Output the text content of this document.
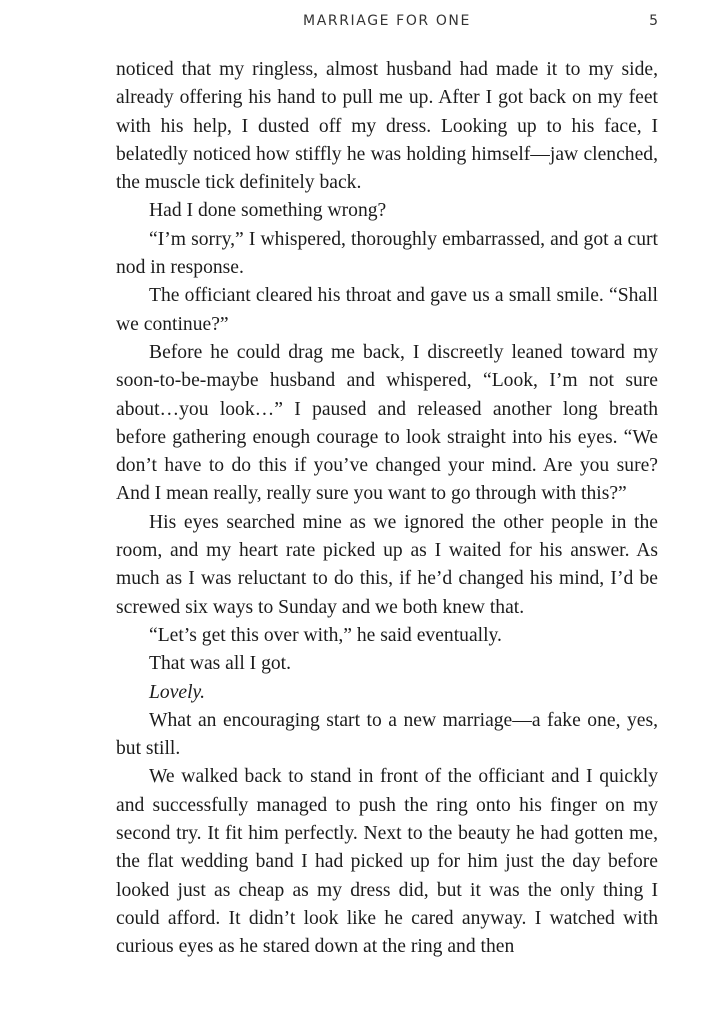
MARRIAGE FOR ONE	5

noticed that my ringless, almost husband had made it to my side, already offering his hand to pull me up. After I got back on my feet with his help, I dusted off my dress. Looking up to his face, I belatedly noticed how stiffly he was holding himself—jaw clenched, the muscle tick definitely back.

Had I done something wrong?

“I’m sorry,” I whispered, thoroughly embarrassed, and got a curt nod in response.

The officiant cleared his throat and gave us a small smile. “Shall we continue?”

Before he could drag me back, I discreetly leaned toward my soon-to-be-maybe husband and whispered, “Look, I’m not sure about…you look…” I paused and released another long breath before gathering enough courage to look straight into his eyes. “We don’t have to do this if you’ve changed your mind. Are you sure? And I mean really, really sure you want to go through with this?”

His eyes searched mine as we ignored the other people in the room, and my heart rate picked up as I waited for his answer. As much as I was reluctant to do this, if he’d changed his mind, I’d be screwed six ways to Sunday and we both knew that.

“Let’s get this over with,” he said eventually.

That was all I got.

Lovely.

What an encouraging start to a new marriage—a fake one, yes, but still.

We walked back to stand in front of the officiant and I quickly and successfully managed to push the ring onto his finger on my second try. It fit him perfectly. Next to the beauty he had gotten me, the flat wedding band I had picked up for him just the day before looked just as cheap as my dress did, but it was the only thing I could afford. It didn’t look like he cared anyway. I watched with curious eyes as he stared down at the ring and then
